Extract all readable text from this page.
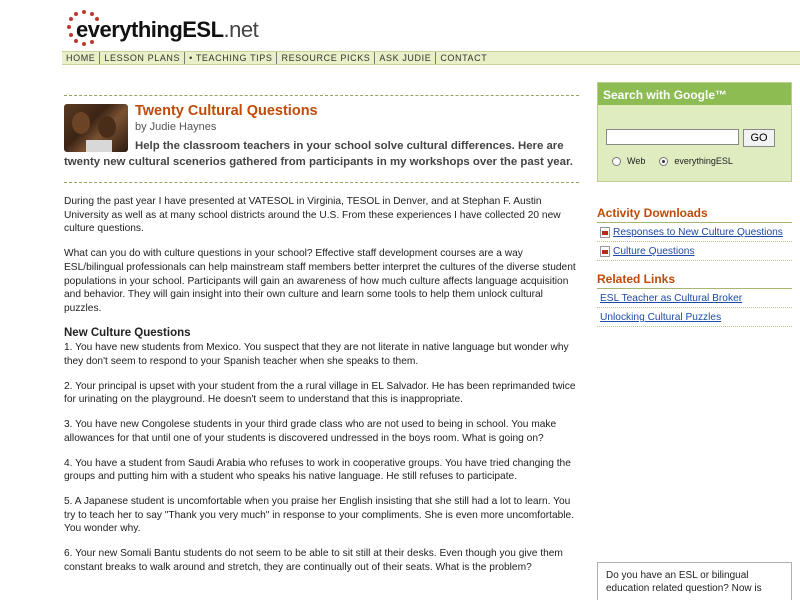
everythingESL.net
HOME	LESSON PLANS	• TEACHING TIPS	RESOURCE PICKS	ASK JUDIE	CONTACT
Twenty Cultural Questions
by Judie Haynes
Help the classroom teachers in your school solve cultural differences. Here are twenty new cultural scenerios gathered from participants in my workshops over the past year.

During the past year I have presented at VATESOL in Virginia, TESOL in Denver, and at Stephan F. Austin University as well as at many school districts around the U.S. From these experiences I have collected 20 new culture questions.

What can you do with culture questions in your school? Effective staff development courses are a way ESL/bilingual professionals can help mainstream staff members better interpret the cultures of the diverse student populations in your school. Participants will gain an awareness of how much culture affects language acquisition and behavior. They will gain insight into their own culture and learn some tools to help them unlock cultural puzzles.

New Culture Questions

1. You have new students from Mexico. You suspect that they are not literate in native language but wonder why they don't seem to respond to your Spanish teacher when she speaks to them.

2. Your principal is upset with your student from the a rural village in EL Salvador. He has been reprimanded twice for urinating on the playground. He doesn't seem to understand that this is inappropriate.

3. You have new Congolese students in your third grade class who are not used to being in school. You make allowances for that until one of your students is discovered undressed in the boys room. What is going on?

4. You have a student from Saudi Arabia who refuses to work in cooperative groups. You have tried changing the groups and putting him with a student who speaks his native language. He still refuses to participate.

5. A Japanese student is uncomfortable when you praise her English insisting that she still had a lot to learn. You try to teach her to say "Thank you very much" in response to your compliments. She is even more uncomfortable. You wonder why.

6. Your new Somali Bantu students do not seem to be able to sit still at their desks. Even though you give them constant breaks to walk around and stretch, they are continually out of their seats. What is the problem?

Search with Google™
GO
Web	everythingESL
Activity Downloads
Responses to New Culture Questions
Culture Questions
Related Links
ESL Teacher as Cultural Broker
Unlocking Cultural Puzzles
Do you have an ESL or bilingual education related question? Now is
